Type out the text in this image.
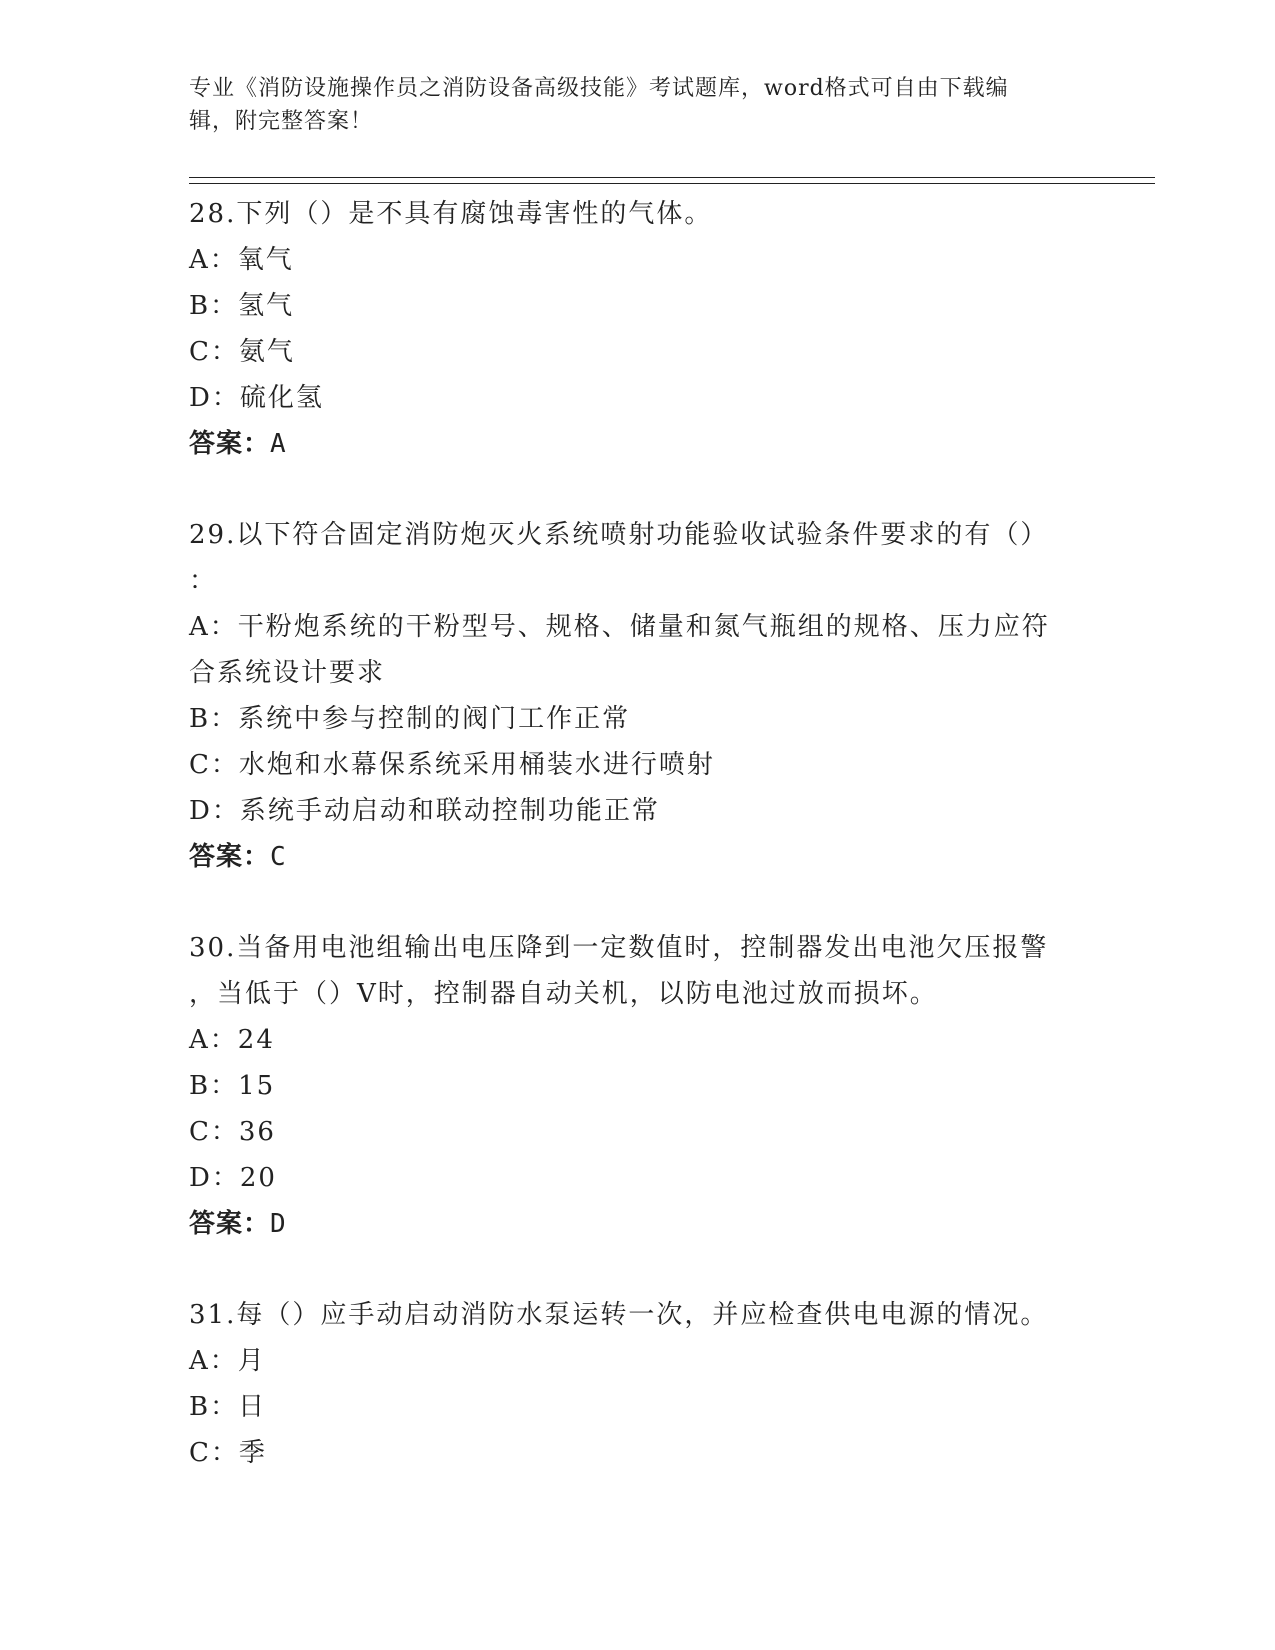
专业《消防设施操作员之消防设备高级技能》考试题库，word格式可自由下载编
辑，附完整答案！
28.下列（）是不具有腐蚀毒害性的气体。
A：氧气
B：氢气
C：氨气
D：硫化氢
答案：A
29.以下符合固定消防炮灭火系统喷射功能验收试验条件要求的有（）
：
A：干粉炮系统的干粉型号、规格、储量和氮气瓶组的规格、压力应符
合系统设计要求
B：系统中参与控制的阀门工作正常
C：水炮和水幕保系统采用桶装水进行喷射
D：系统手动启动和联动控制功能正常
答案：C
30.当备用电池组输出电压降到一定数值时，控制器发出电池欠压报警
，当低于（）V时，控制器自动关机，以防电池过放而损坏。
A：24
B：15
C：36
D：20
答案：D
31.每（）应手动启动消防水泵运转一次，并应检查供电电源的情况。
A：月
B：日
C：季
